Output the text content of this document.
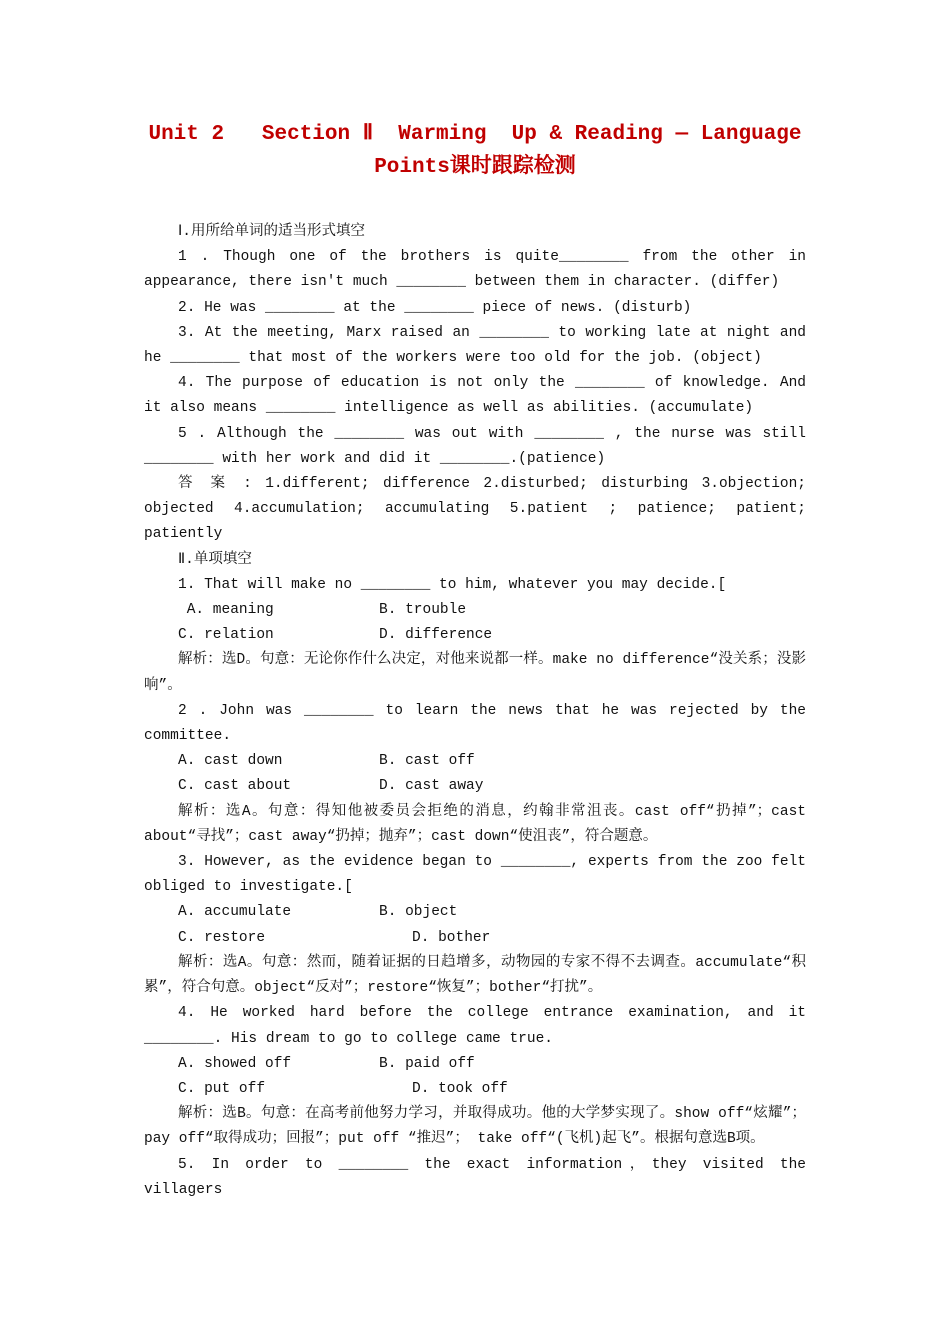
Unit 2   Section Ⅱ  Warming  Up & Reading — Language
Points课时跟踪检测

Ⅰ.用所给单词的适当形式填空

1 . Though one of the brothers is quite________ from the other in appearance, there isn't much ________ between them in character. (differ)

2. He was ________ at the ________ piece of news. (disturb)

3. At the meeting, Marx raised an ________ to working late at night and he ________ that most of the workers were too old for the job. (object)

4. The purpose of education is not only the ________ of knowledge. And it also means ________ intelligence as well as abilities. (accumulate)

5 . Although the ________ was out with ________ , the nurse was still ________ with her work and did it ________.(patience)

答 案 : 1.different; difference 2.disturbed; disturbing 3.objection; objected 4.accumulation; accumulating 5.patient ; patience; patient; patiently

Ⅱ.单项填空

1. That will make no ________ to him, whatever you may decide.[

A. meaning	B. trouble
C. relation	D. difference

解析：选D。句意：无论你作什么决定，对他来说都一样。make no difference“没关系；没影响”。

2 . John was ________ to learn the news that he was rejected by the committee.

A. cast down	B. cast off
C. cast about	D. cast away

解析：选A。句意：得知他被委员会拒绝的消息，约翰非常沮丧。cast off“扔掉”；cast about“寻找”；cast away“扔掉；抛弃”；cast down“使沮丧”，符合题意。

3. However, as the evidence began to ________, experts from the zoo felt obliged to investigate.[

A. accumulate	B. object
C. restore	D. bother

解析：选A。句意：然而，随着证据的日趋增多，动物园的专家不得不去调查。accumulate“积累”，符合句意。object“反对”；restore“恢复”；bother“打扰”。

4. He worked hard before the college entrance examination, and it ________. His dream to go to college came true.

A. showed off	B. paid off
C. put off	D. took off

解析：选B。句意：在高考前他努力学习，并取得成功。他的大学梦实现了。show off“炫耀”；pay off“取得成功；回报”；put off “推迟”； take off“(飞机)起飞”。根据句意选B项。

5. In order to ________ the exact information，they visited the villagers
